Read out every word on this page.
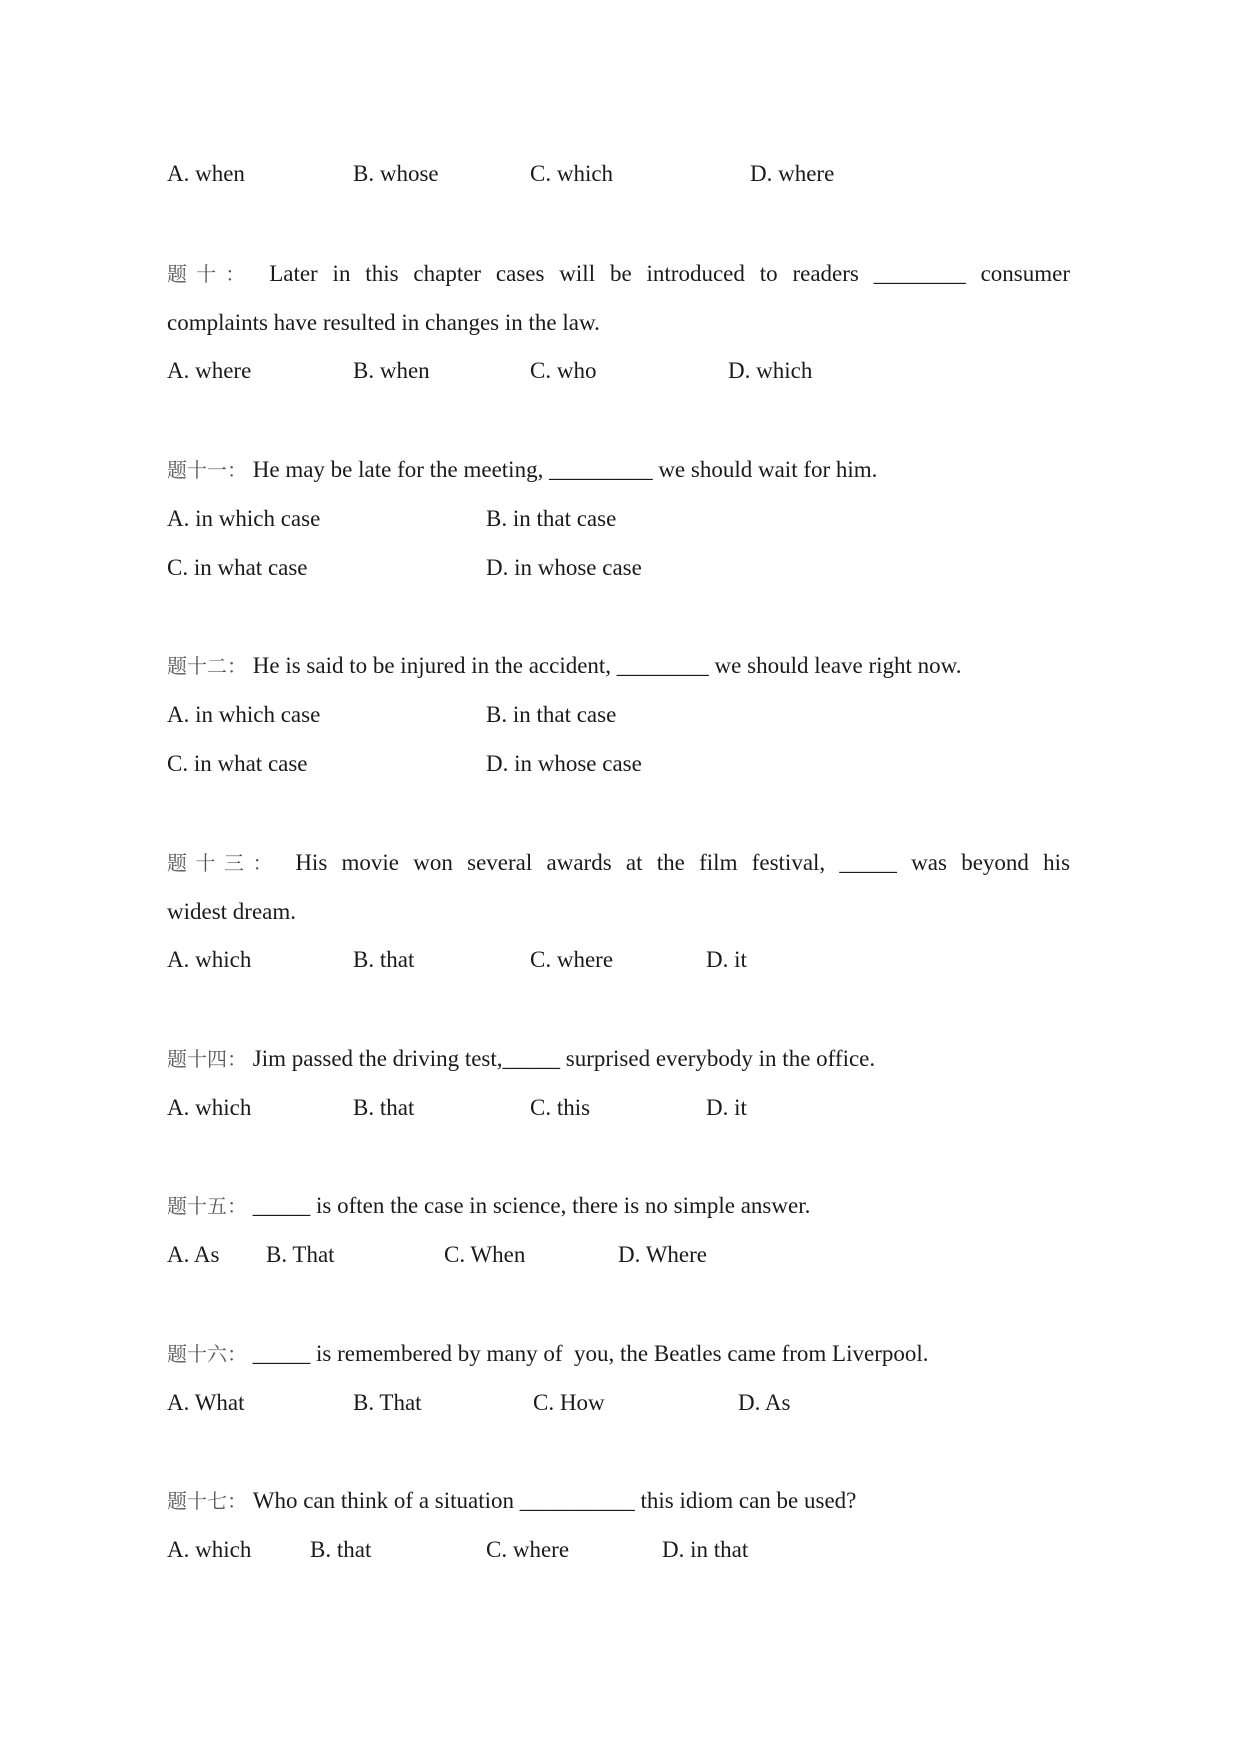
A. when	B. whose	C. which	D. where
题十： Later in this chapter cases will be introduced to readers ________ consumer
complaints have resulted in changes in the law.
A. where	B. when	C. who	D. which
题十一： He may be late for the meeting, _________ we should wait for him.
A. in which case	B. in that case
C. in what case	D. in whose case
题十二： He is said to be injured in the accident, ________ we should leave right now.
A. in which case	B. in that case
C. in what case	D. in whose case
题十三： His movie won several awards at the film festival, _____ was beyond his
widest dream.
A. which	B. that	C. where	D. it
题十四： Jim passed the driving test,_____ surprised everybody in the office.
A. which	B. that	C. this	D. it
题十五： _____ is often the case in science, there is no simple answer.
A. As B. That	C. When	D. Where
题十六： _____ is remembered by many of  you, the Beatles came from Liverpool.
A. What	B. That	C. How	D. As
题十七： Who can think of a situation __________ this idiom can be used?
A. which	B. that	C. where	D. in that
